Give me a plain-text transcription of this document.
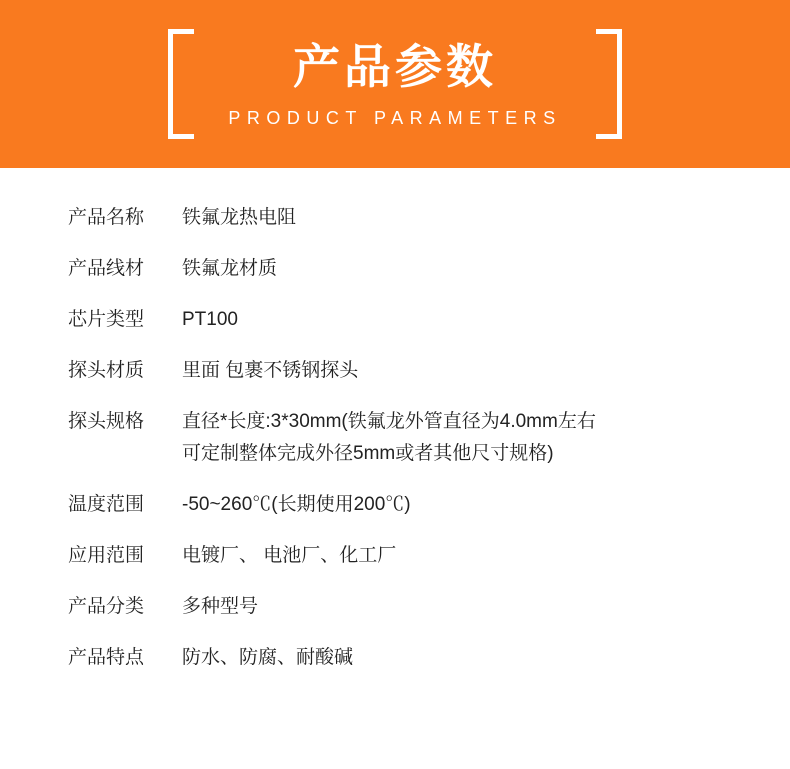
产品参数
PRODUCT PARAMETERS
产品名称	铁氟龙热电阻
产品线材	铁氟龙材质
芯片类型	PT100
探头材质	里面 包裹不锈钢探头
探头规格	直径*长度:3*30mm(铁氟龙外管直径为4.0mm左右
可定制整体完成外径5mm或者其他尺寸规格)
温度范围	-50~260℃(长期使用200℃)
应用范围	电镀厂、 电池厂、化工厂
产品分类	多种型号
产品特点	防水、防腐、耐酸碱
